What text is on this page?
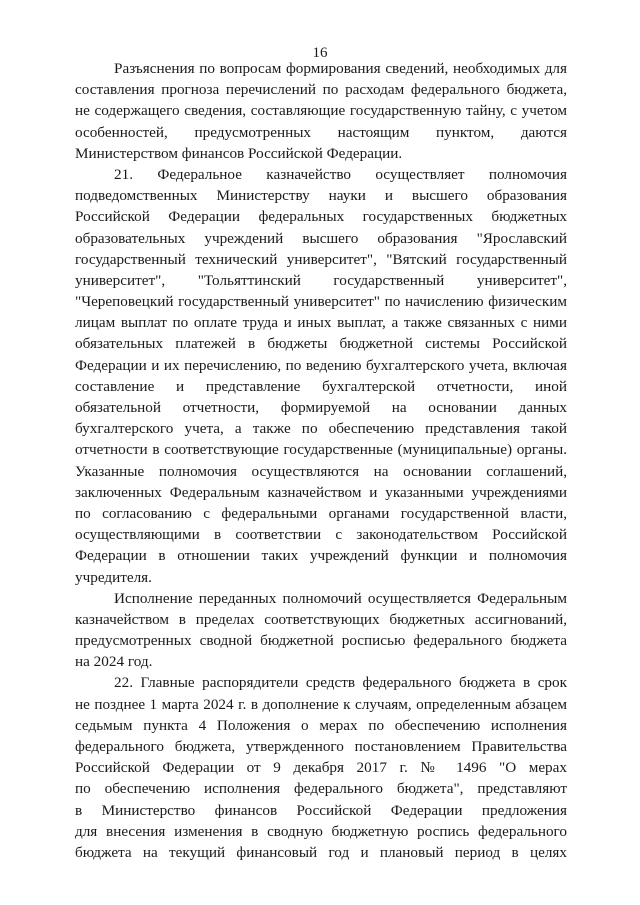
16
Разъяснения по вопросам формирования сведений, необходимых для
составления прогноза перечислений по расходам федерального бюджета,
не содержащего сведения, составляющие государственную тайну, с учетом
особенностей, предусмотренных настоящим пунктом, даются
Министерством финансов Российской Федерации.
21. Федеральное казначейство осуществляет полномочия
подведомственных Министерству науки и высшего образования
Российской Федерации федеральных государственных бюджетных
образовательных учреждений высшего образования "Ярославский
государственный технический университет", "Вятский государственный
университет", "Тольяттинский государственный университет",
"Череповецкий государственный университет" по начислению физическим
лицам выплат по оплате труда и иных выплат, а также связанных с ними
обязательных платежей в бюджеты бюджетной системы Российской
Федерации и их перечислению, по ведению бухгалтерского учета, включая
составление и представление бухгалтерской отчетности, иной
обязательной отчетности, формируемой на основании данных
бухгалтерского учета, а также по обеспечению представления такой
отчетности в соответствующие государственные (муниципальные) органы.
Указанные полномочия осуществляются на основании соглашений,
заключенных Федеральным казначейством и указанными учреждениями
по согласованию с федеральными органами государственной власти,
осуществляющими в соответствии с законодательством Российской
Федерации в отношении таких учреждений функции и полномочия
учредителя.
Исполнение переданных полномочий осуществляется Федеральным
казначейством в пределах соответствующих бюджетных ассигнований,
предусмотренных сводной бюджетной росписью федерального бюджета
на 2024 год.
22. Главные распорядители средств федерального бюджета в срок
не позднее 1 марта 2024 г. в дополнение к случаям, определенным абзацем
седьмым пункта 4 Положения о мерах по обеспечению исполнения
федерального бюджета, утвержденного постановлением Правительства
Российской Федерации от 9 декабря 2017 г. № 1496 "О мерах
по обеспечению исполнения федерального бюджета", представляют
в Министерство финансов Российской Федерации предложения
для внесения изменения в сводную бюджетную роспись федерального
бюджета на текущий финансовый год и плановый период в целях
